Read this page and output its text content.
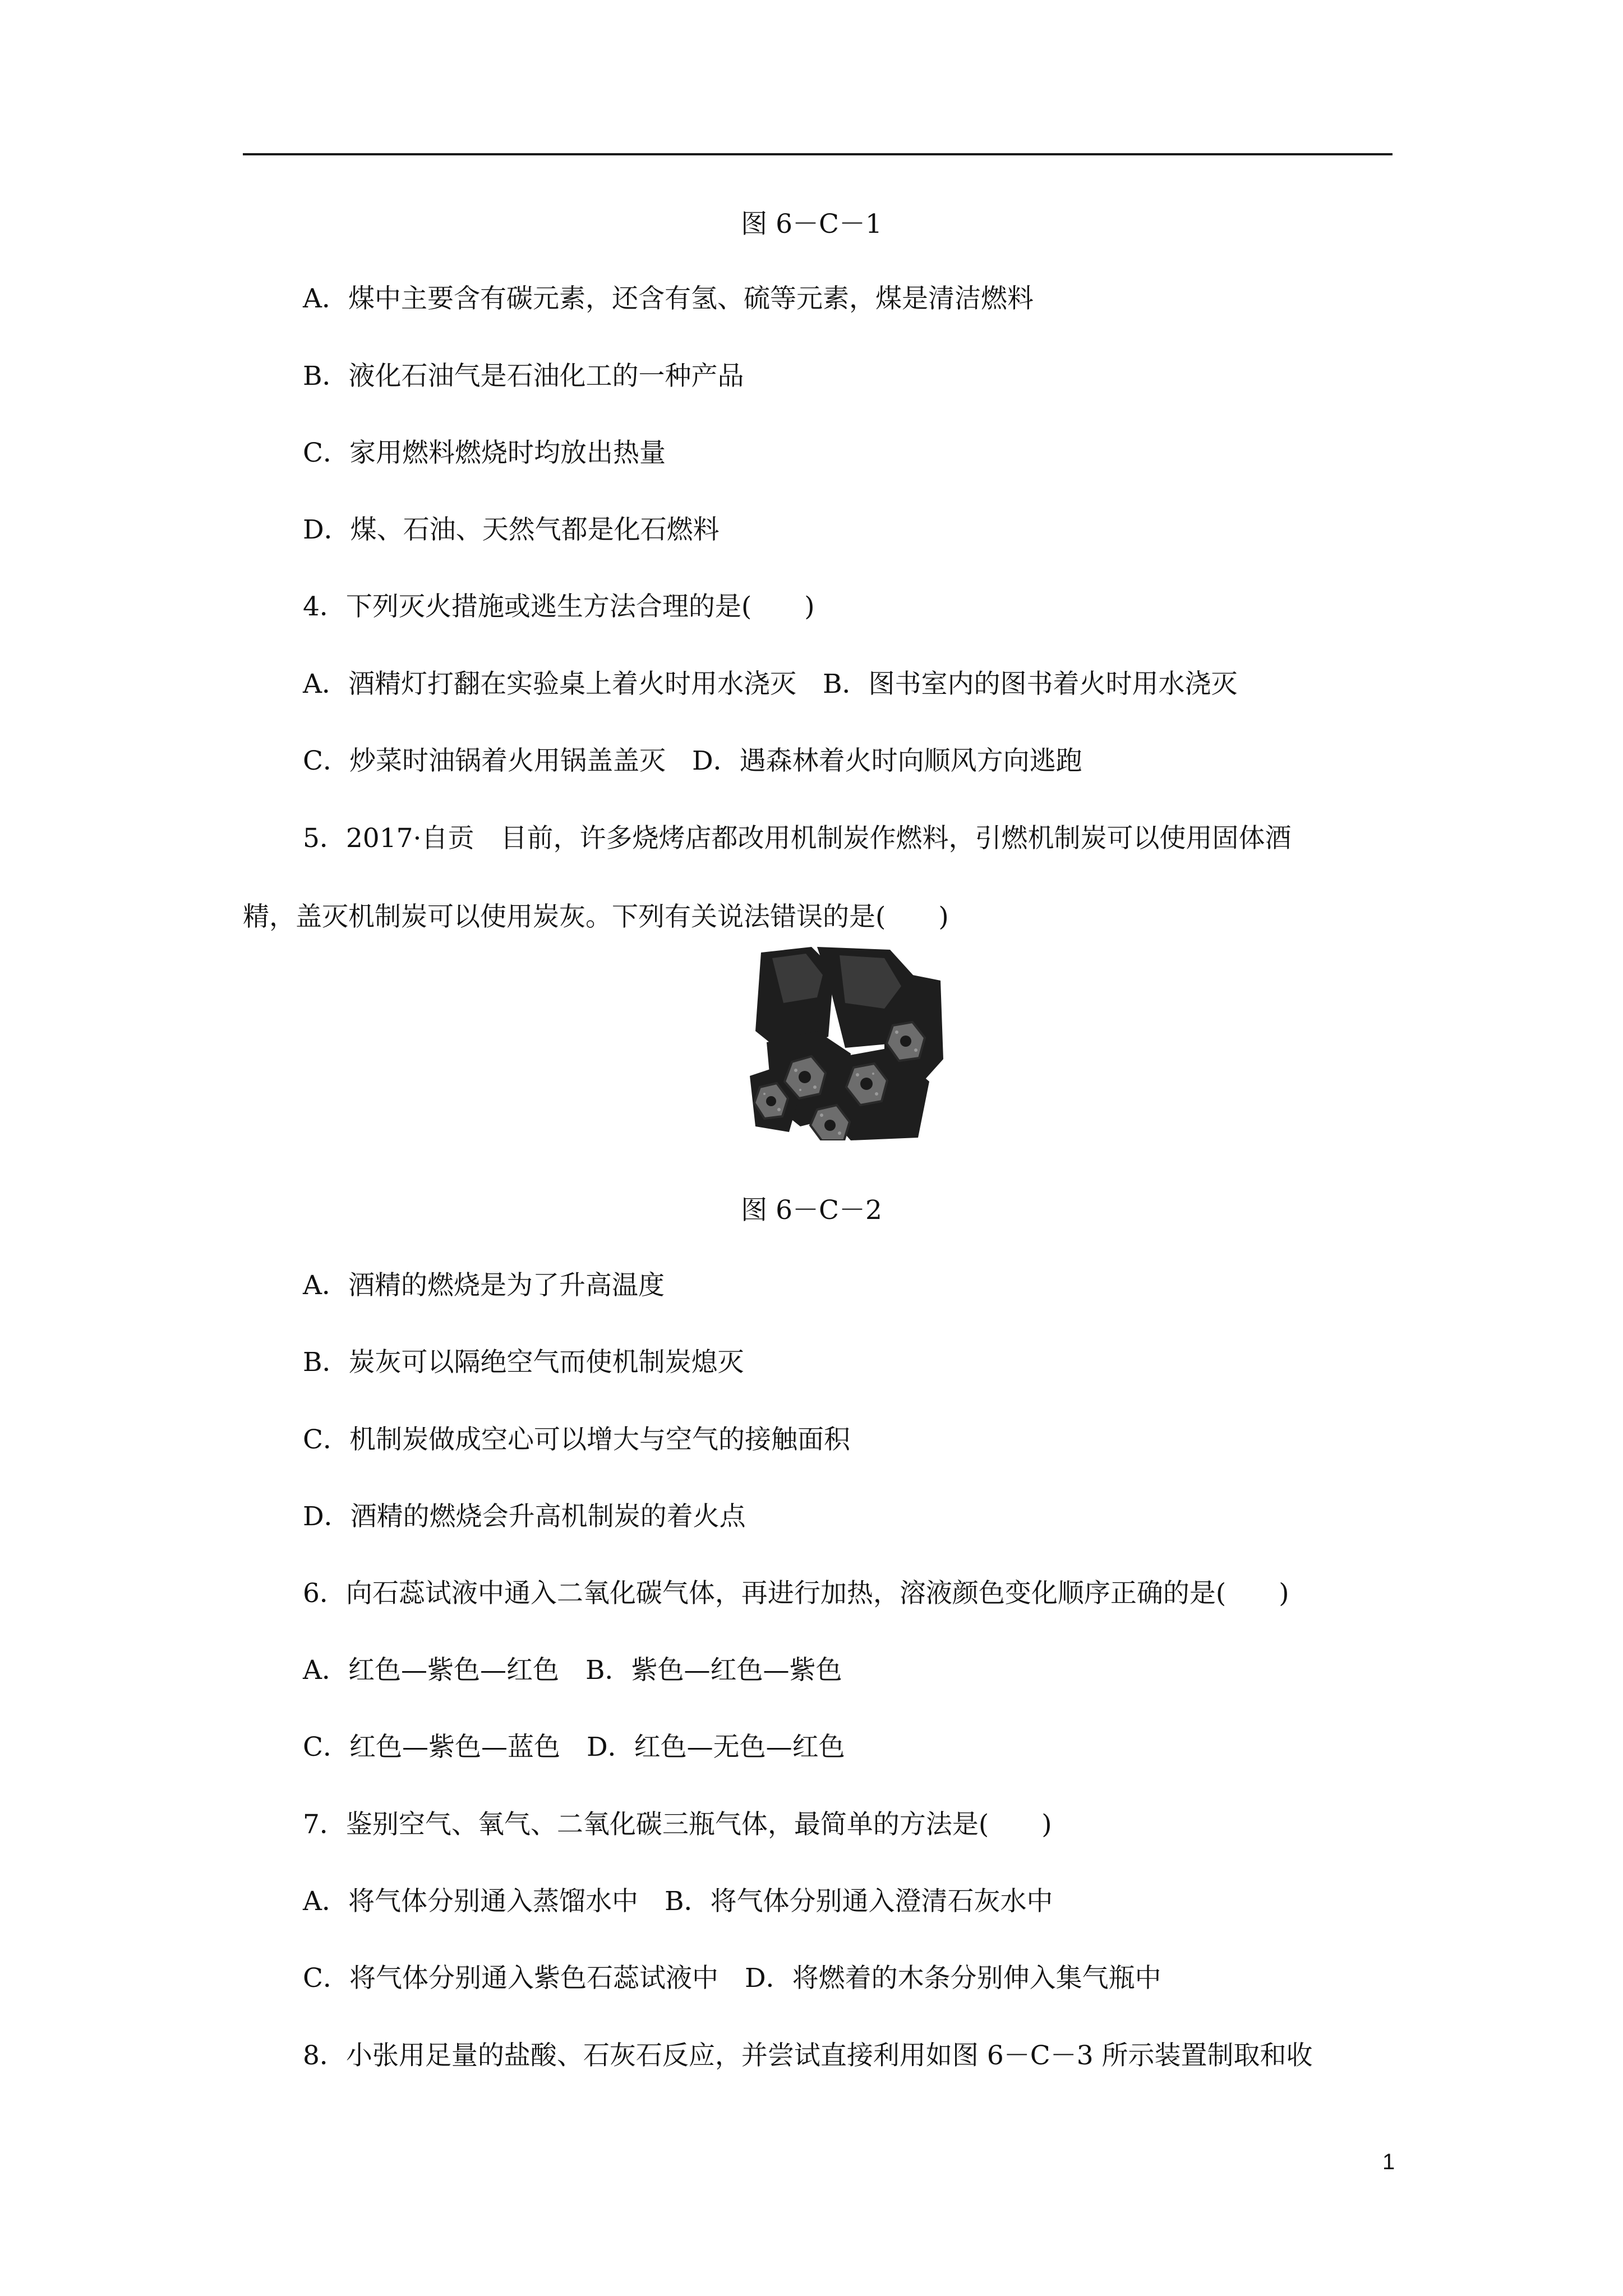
图 6－C－1
A．煤中主要含有碳元素，还含有氢、硫等元素，煤是清洁燃料
B．液化石油气是石油化工的一种产品
C．家用燃料燃烧时均放出热量
D．煤、石油、天然气都是化石燃料
4．下列灭火措施或逃生方法合理的是(　　)
A．酒精灯打翻在实验桌上着火时用水浇灭　B．图书室内的图书着火时用水浇灭
C．炒菜时油锅着火用锅盖盖灭　D．遇森林着火时向顺风方向逃跑
5．2017·自贡　目前，许多烧烤店都改用机制炭作燃料，引燃机制炭可以使用固体酒
精，盖灭机制炭可以使用炭灰。下列有关说法错误的是(　　)
图 6－C－2
A．酒精的燃烧是为了升高温度
B．炭灰可以隔绝空气而使机制炭熄灭
C．机制炭做成空心可以增大与空气的接触面积
D．酒精的燃烧会升高机制炭的着火点
6．向石蕊试液中通入二氧化碳气体，再进行加热，溶液颜色变化顺序正确的是(　　)
A．红色—紫色—红色　B．紫色—红色—紫色
C．红色—紫色—蓝色　D．红色—无色—红色
7．鉴别空气、氧气、二氧化碳三瓶气体，最简单的方法是(　　)
A．将气体分别通入蒸馏水中　B．将气体分别通入澄清石灰水中
C．将气体分别通入紫色石蕊试液中　D．将燃着的木条分别伸入集气瓶中
8．小张用足量的盐酸、石灰石反应，并尝试直接利用如图 6－C－3 所示装置制取和收
1
